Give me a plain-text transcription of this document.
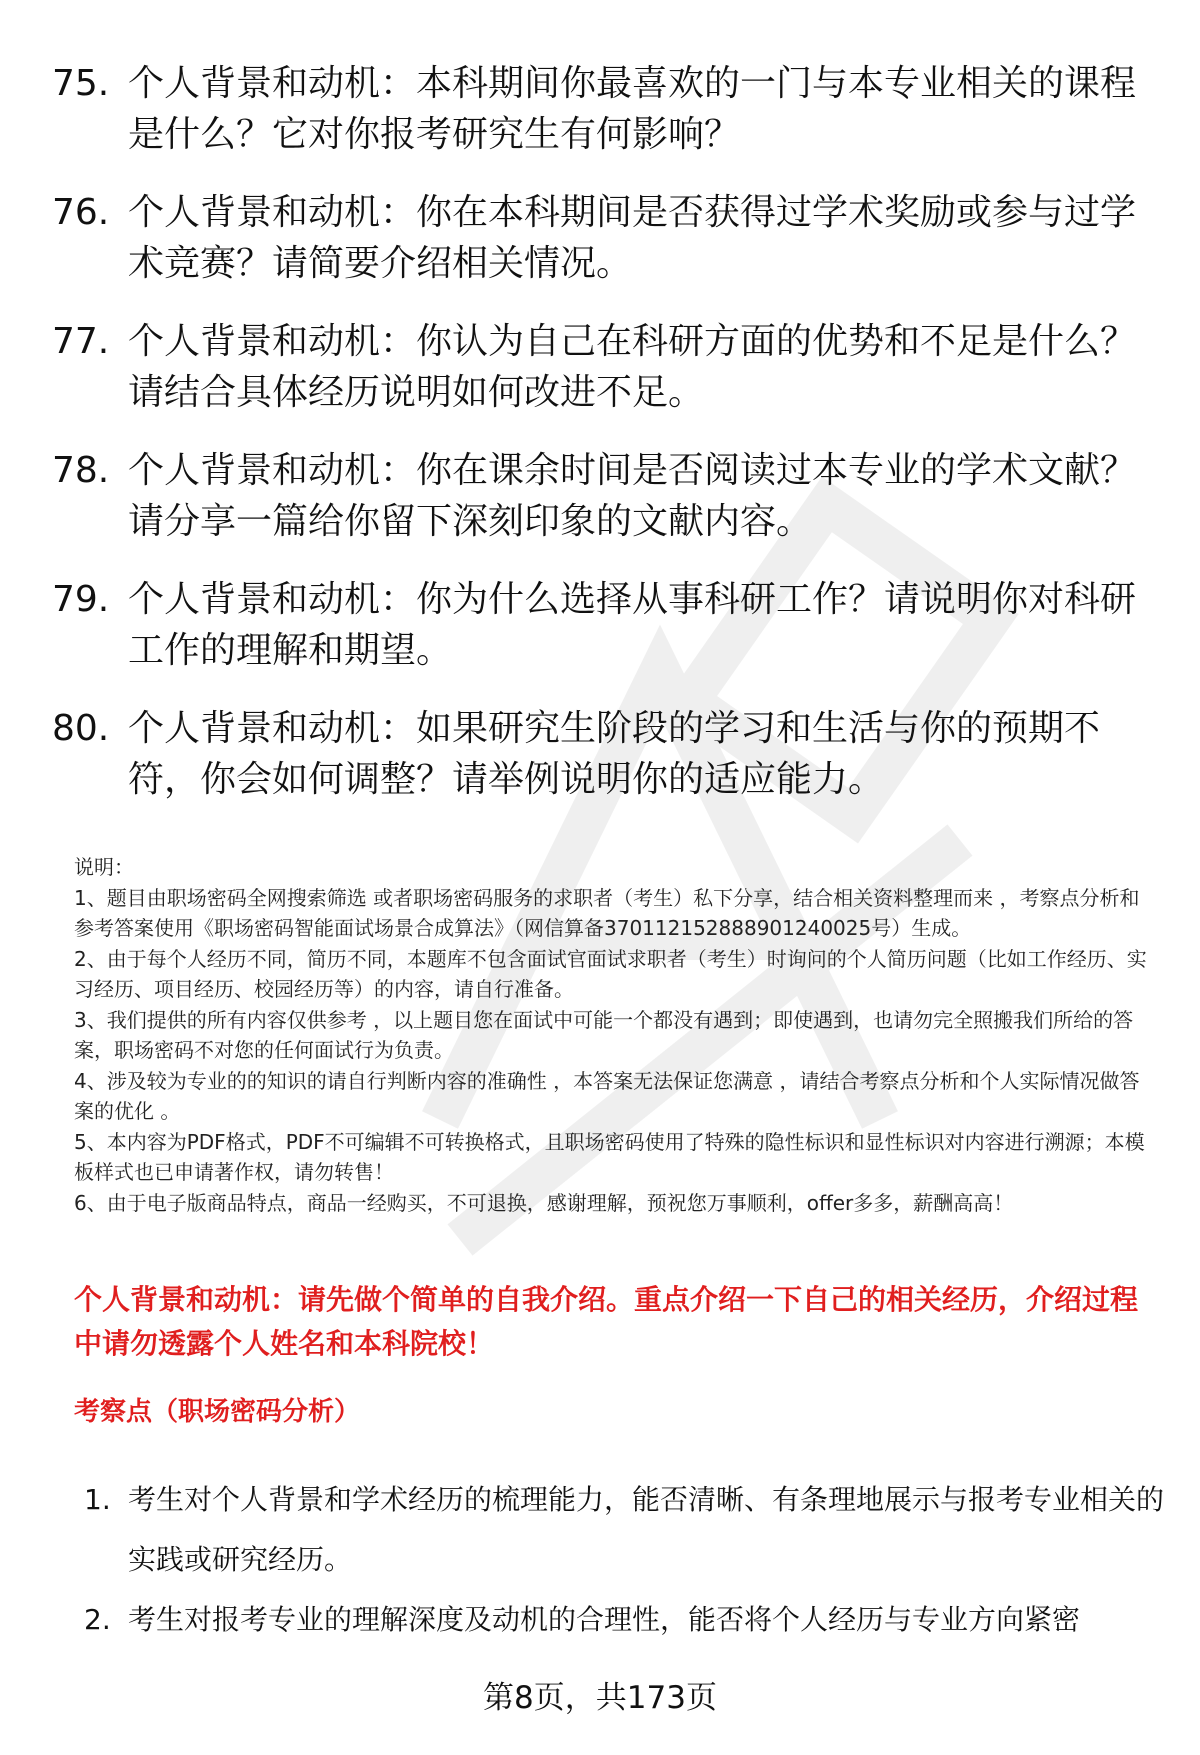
75. 个人背景和动机：本科期间你最喜欢的一门与本专业相关的课程是什么？它对你报考研究生有何影响？
76. 个人背景和动机：你在本科期间是否获得过学术奖励或参与过学术竞赛？请简要介绍相关情况。
77. 个人背景和动机：你认为自己在科研方面的优势和不足是什么？请结合具体经历说明如何改进不足。
78. 个人背景和动机：你在课余时间是否阅读过本专业的学术文献？请分享一篇给你留下深刻印象的文献内容。
79. 个人背景和动机：你为什么选择从事科研工作？请说明你对科研工作的理解和期望。
80. 个人背景和动机：如果研究生阶段的学习和生活与你的预期不符，你会如何调整？请举例说明你的适应能力。

说明：

1、题目由职场密码全网搜索筛选 或者职场密码服务的求职者（考生）私下分享，结合相关资料整理而来 ，考察点分析和参考答案使用《职场密码智能面试场景合成算法》（网信算备370112152888901240025号）生成。

2、由于每个人经历不同，简历不同，本题库不包含面试官面试求职者（考生）时询问的个人简历问题（比如工作经历、实习经历、项目经历、校园经历等）的内容，请自行准备。

3、我们提供的所有内容仅供参考 ，以上题目您在面试中可能一个都没有遇到；即使遇到，也请勿完全照搬我们所给的答案，职场密码不对您的任何面试行为负责。

4、涉及较为专业的的知识的请自行判断内容的准确性 ，本答案无法保证您满意 ，请结合考察点分析和个人实际情况做答案的优化 。

5、本内容为PDF格式，PDF不可编辑不可转换格式，且职场密码使用了特殊的隐性标识和显性标识对内容进行溯源；本模板样式也已申请著作权，请勿转售！

6、由于电子版商品特点，商品一经购买，不可退换，感谢理解，预祝您万事顺利，offer多多，薪酬高高！

个人背景和动机：请先做个简单的自我介绍。重点介绍一下自己的相关经历，介绍过程中请勿透露个人姓名和本科院校！
考察点（职场密码分析）
1. 考生对个人背景和学术经历的梳理能力，能否清晰、有条理地展示与报考专业相关的实践或研究经历。
2. 考生对报考专业的理解深度及动机的合理性，能否将个人经历与专业方向紧密
第8页，共173页
